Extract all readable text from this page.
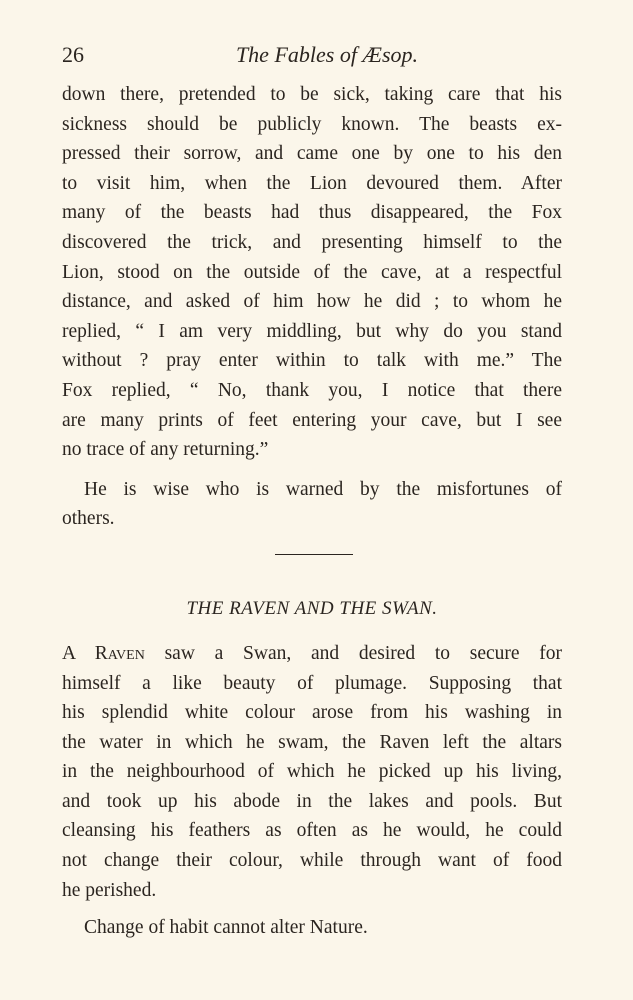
26	The Fables of Æsop.
down there, pretended to be sick, taking care that his
sickness should be publicly known. The beasts ex-
pressed their sorrow, and came one by one to his den
to visit him, when the Lion devoured them. After
many of the beasts had thus disappeared, the Fox
discovered the trick, and presenting himself to the
Lion, stood on the outside of the cave, at a respectful
distance, and asked of him how he did ; to whom he
replied, “ I am very middling, but why do you stand
without ? pray enter within to talk with me.” The
Fox replied, “ No, thank you, I notice that there
are many prints of feet entering your cave, but I see
no trace of any returning.”
He is wise who is warned by the misfortunes of
others.
THE RAVEN AND THE SWAN.
A Raven saw a Swan, and desired to secure for
himself a like beauty of plumage. Supposing that
his splendid white colour arose from his washing in
the water in which he swam, the Raven left the altars
in the neighbourhood of which he picked up his living,
and took up his abode in the lakes and pools. But
cleansing his feathers as often as he would, he could
not change their colour, while through want of food
he perished.
Change of habit cannot alter Nature.
